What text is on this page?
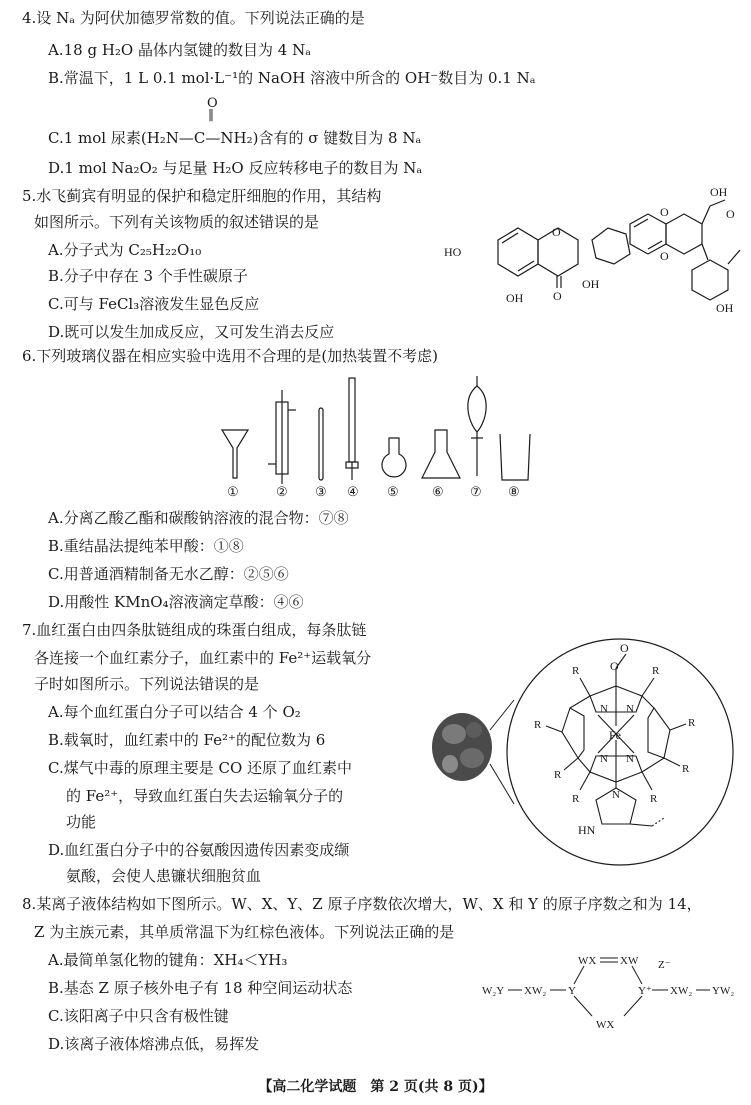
4.设 Nₐ 为阿伏加德罗常数的值。下列说法正确的是
A.18 g H₂O 晶体内氢键的数目为 4 Nₐ
B.常温下，1 L 0.1 mol·L⁻¹的 NaOH 溶液中所含的 OH⁻数目为 0.1 Nₐ
O
‖
C.1 mol 尿素(H₂N—C—NH₂)含有的 σ 键数目为 8 Nₐ
D.1 mol Na₂O₂ 与足量 H₂O 反应转移电子的数目为 Nₐ
5.水飞蓟宾有明显的保护和稳定肝细胞的作用，其结构
如图所示。下列有关该物质的叙述错误的是
A.分子式为 C₂₅H₂₂O₁₀
B.分子中存在 3 个手性碳原子
C.可与 FeCl₃溶液发生显色反应
D.既可以发生加成反应，又可发生消去反应
HO
OH O
OH
O
O
O
OH
O
OH
6.下列玻璃仪器在相应实验中选用不合理的是(加热装置不考虑)
①	② ③ ④ ⑤	⑥ ⑦ ⑧
A.分离乙酸乙酯和碳酸钠溶液的混合物：⑦⑧
B.重结晶法提纯苯甲酸：①⑧
C.用普通酒精制备无水乙醇：②⑤⑥
D.用酸性 KMnO₄溶液滴定草酸：④⑥
7.血红蛋白由四条肽链组成的珠蛋白组成，每条肽链
各连接一个血红素分子，血红素中的 Fe²⁺运载氧分
子时如图所示。下列说法错误的是
A.每个血红蛋白分子可以结合 4 个 O₂
B.载氧时，血红素中的 Fe²⁺的配位数为 6
C.煤气中毒的原理主要是 CO 还原了血红素中
的 Fe²⁺，导致血红蛋白失去运输氧分子的
功能
D.血红蛋白分子中的谷氨酸因遗传因素变成缬
氨酸，会使人患镰状细胞贫血
O
O
Fe
N N
N N
N
R	R
R
R
R
R
R	R
HN
8.某离子液体结构如下图所示。W、X、Y、Z 原子序数依次增大，W、X 和 Y 的原子序数之和为 14，
Z 为主族元素，其单质常温下为红棕色液体。下列说法正确的是
A.最简单氢化物的键角：XH₄＜YH₃
B.基态 Z 原子核外电子有 18 种空间运动状态
C.该阳离子中只含有极性键
D.该离子液体熔沸点低，易挥发
WX XW Z⁻
W₂Y XW₂ Y	Y⁺ XW₂ YW₂
WX
【高二化学试题　第 2 页(共 8 页)】
